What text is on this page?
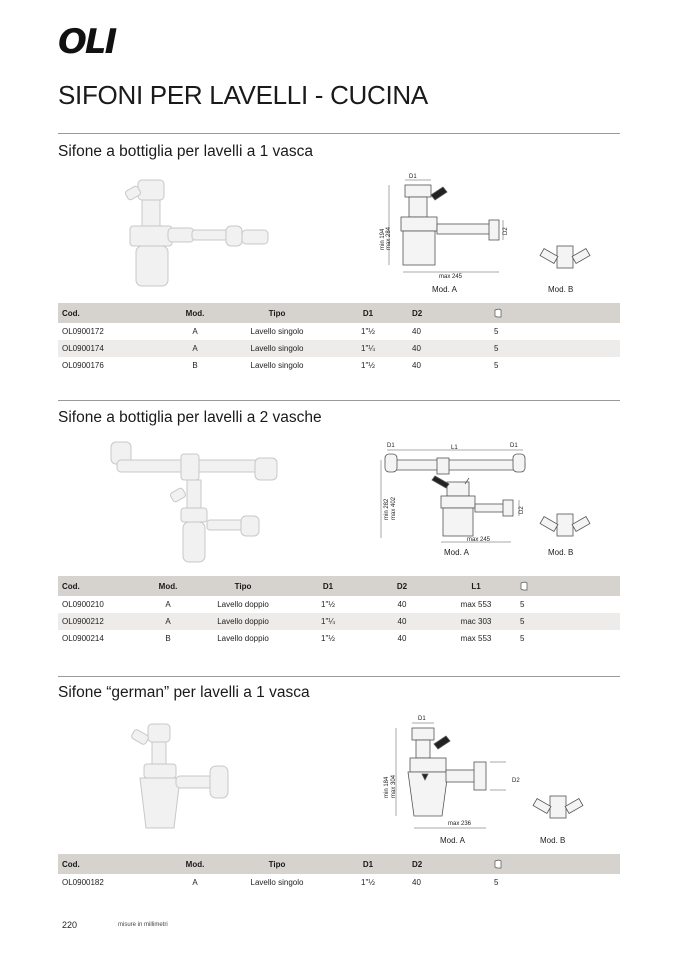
OLI
SIFONI PER LAVELLI - CUCINA
Sifone a bottiglia per lavelli a 1 vasca
D1
D2
min 194 max 284
max 245
Mod. A	Mod. B
Cod.	Mod.	Tipo	D1	D2	
OL0900172	A	Lavello singolo	1"½	40	5
OL0900174	A	Lavello singolo	1"¼	40	5
OL0900176	B	Lavello singolo	1"½	40	5
Sifone a bottiglia per lavelli a 2 vasche
D1	D1
L1
D2
min 282 max 402
max 245
Mod. A	Mod. B
Cod.	Mod.	Tipo	D1	D2	L1	
OL0900210	A	Lavello doppio	1"½	40	max 553	5
OL0900212	A	Lavello doppio	1"¼	40	mac 303	5
OL0900214	B	Lavello doppio	1"½	40	max 553	5
Sifone “german” per lavelli a 1 vasca
D1
D2
min 184 max 304
max 236
Mod. A	Mod. B
Cod.	Mod.	Tipo	D1	D2	
OL0900182	A	Lavello singolo	1"½	40	5
220	misure in millimetri
